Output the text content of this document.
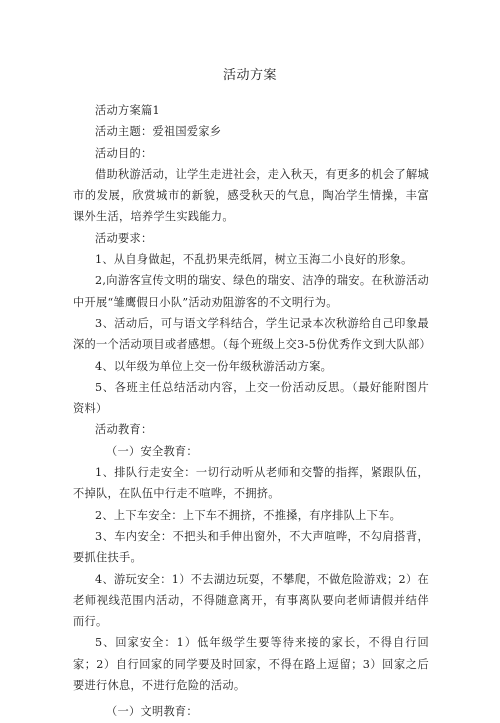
活动方案

活动方案篇1

活动主题：爱祖国爱家乡

活动目的：

借助秋游活动，让学生走进社会，走入秋天，有更多的机会了解城市的发展，欣赏城市的新貌，感受秋天的气息，陶冶学生情操，丰富课外生活，培养学生实践能力。

活动要求：

1、从自身做起，不乱扔果壳纸屑，树立玉海二小良好的形象。

2,向游客宣传文明的瑞安、绿色的瑞安、洁净的瑞安。在秋游活动中开展“雏鹰假日小队”活动劝阻游客的不文明行为。

3、活动后，可与语文学科结合，学生记录本次秋游给自己印象最深的一个活动项目或者感想。（每个班级上交3-5份优秀作文到大队部）

4、以年级为单位上交一份年级秋游活动方案。

5、各班主任总结活动内容，上交一份活动反思。（最好能附图片资料）

活动教育：

（一）安全教育：

1、排队行走安全：一切行动听从老师和交警的指挥，紧跟队伍，不掉队，在队伍中行走不喧哗，不拥挤。

2、上下车安全：上下车不拥挤，不推搡，有序排队上下车。

3、车内安全：不把头和手伸出窗外，不大声喧哗，不勾肩搭背，要抓住扶手。

4、游玩安全：1）不去湖边玩耍，不攀爬，不做危险游戏；2）在老师视线范围内活动，不得随意离开，有事离队要向老师请假并结伴而行。

5、回家安全：1）低年级学生要等待来接的家长，不得自行回家；2）自行回家的同学要及时回家，不得在路上逗留；3）回家之后要进行休息，不进行危险的活动。

（一）文明教育：
